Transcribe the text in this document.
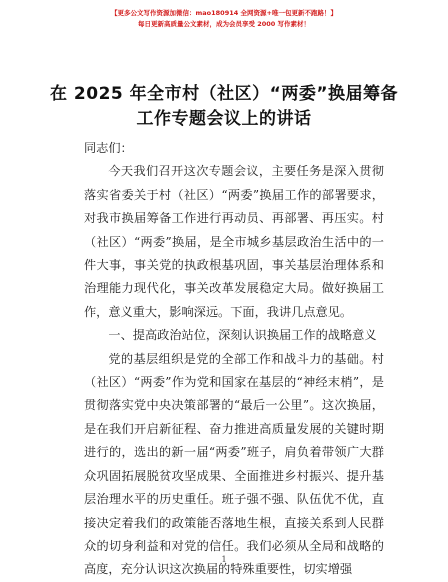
【更多公文写作资源加微信：mao180914 全网资源+唯一包更新不跑路！】
每日更新高质量公文素材，成为会员享受 2000 写作素材！
在 2025 年全市村（社区）“两委”换届筹备工作专题会议上的讲话

同志们：

今天我们召开这次专题会议，主要任务是深入贯彻落实省委关于村（社区）“两委”换届工作的部署要求，对我市换届筹备工作进行再动员、再部署、再压实。村（社区）“两委”换届，是全市城乡基层政治生活中的一件大事，事关党的执政根基巩固，事关基层治理体系和治理能力现代化，事关改革发展稳定大局。做好换届工作，意义重大，影响深远。下面，我讲几点意见。

一、提高政治站位，深刻认识换届工作的战略意义

党的基层组织是党的全部工作和战斗力的基础。村（社区）“两委”作为党和国家在基层的“神经末梢”，是贯彻落实党中央决策部署的“最后一公里”。这次换届，是在我们开启新征程、奋力推进高质量发展的关键时期进行的，选出的新一届“两委”班子，肩负着带领广大群众巩固拓展脱贫攻坚成果、全面推进乡村振兴、提升基层治理水平的历史重任。班子强不强、队伍优不优，直接决定着我们的政策能否落地生根，直接关系到人民群众的切身利益和对党的信任。我们必须从全局和战略的高度，充分认识这次换届的特殊重要性，切实增强

1
